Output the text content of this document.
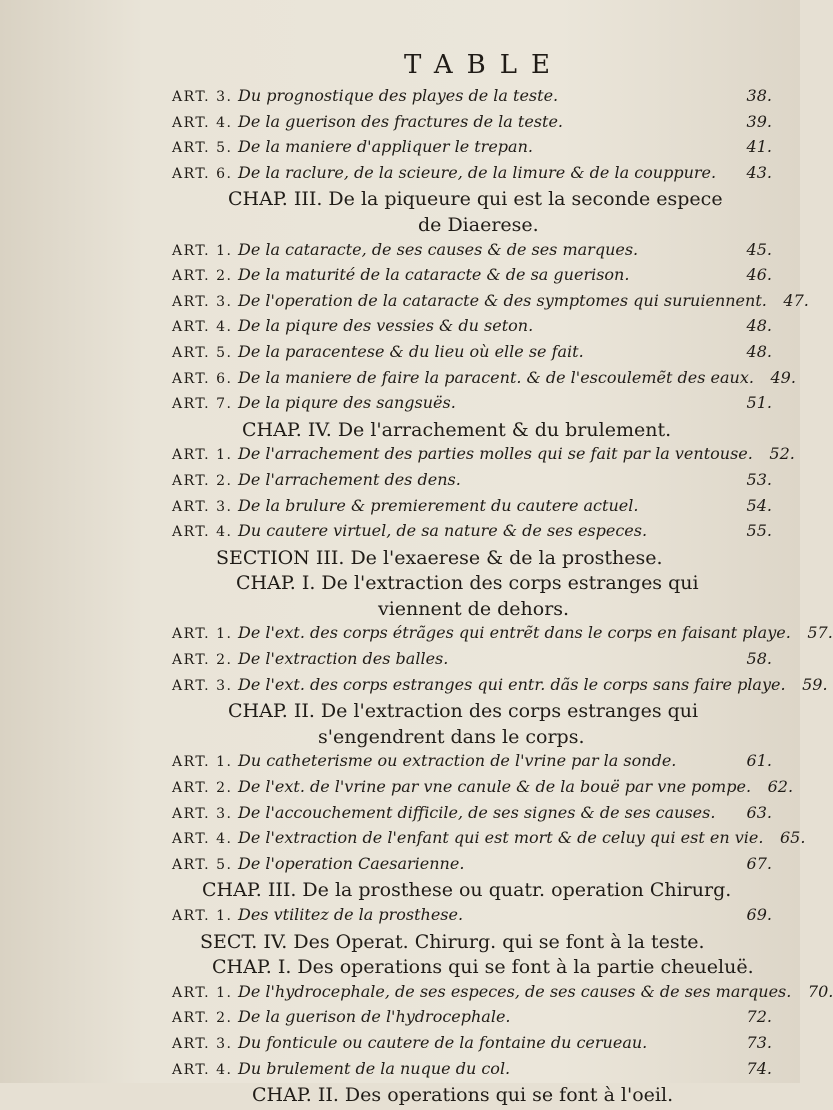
TABLE
ART. 3. Du prognostique des playes de la teste.	38.
ART. 4. De la guerison des fractures de la teste.	39.
ART. 5. De la maniere d'appliquer le trepan.	41.
ART. 6. De la raclure, de la scieure, de la limure & de la couppure.	43.
CHAP. III. De la piqueure qui est la seconde espece
de Diaerese.
ART. 1. De la cataracte, de ses causes & de ses marques.	45.
ART. 2. De la maturité de la cataracte & de sa guerison.	46.
ART. 3. De l'operation de la cataracte & des symptomes qui suruiennent.	47.
ART. 4. De la piqure des vessies & du seton.	48.
ART. 5. De la paracentese & du lieu où elle se fait.	48.
ART. 6. De la maniere de faire la paracent. & de l'escoulemẽt des eaux.	49.
ART. 7. De la piqure des sangsuës.	51.
CHAP. IV. De l'arrachement & du brulement.
ART. 1. De l'arrachement des parties molles qui se fait par la ventouse.	52.
ART. 2. De l'arrachement des dens.	53.
ART. 3. De la brulure & premierement du cautere actuel.	54.
ART. 4. Du cautere virtuel, de sa nature & de ses especes.	55.
SECTION III. De l'exaerese & de la prosthese.
CHAP. I. De l'extraction des corps estranges qui
viennent de dehors.
ART. 1. De l'ext. des corps étrãges qui entrẽt dans le corps en faisant playe.	57.
ART. 2. De l'extraction des balles.	58.
ART. 3. De l'ext. des corps estranges qui entr. dãs le corps sans faire playe.	59.
CHAP. II. De l'extraction des corps estranges qui
s'engendrent dans le corps.
ART. 1. Du catheterisme ou extraction de l'vrine par la sonde.	61.
ART. 2. De l'ext. de l'vrine par vne canule & de la bouë par vne pompe.	62.
ART. 3. De l'accouchement difficile, de ses signes & de ses causes.	63.
ART. 4. De l'extraction de l'enfant qui est mort & de celuy qui est en vie.	65.
ART. 5. De l'operation Caesarienne.	67.
CHAP. III. De la prosthese ou quatr. operation Chirurg.
ART. 1. Des vtilitez de la prosthese.	69.
SECT. IV. Des Operat. Chirurg. qui se font à la teste.
CHAP. I. Des operations qui se font à la partie cheueluë.
ART. 1. De l'hydrocephale, de ses especes, de ses causes & de ses marques.	70.
ART. 2. De la guerison de l'hydrocephale.	72.
ART. 3. Du fonticule ou cautere de la fontaine du cerueau.	73.
ART. 4. Du brulement de la nuque du col.	74.
CHAP. II. Des operations qui se font à l'oeil.
